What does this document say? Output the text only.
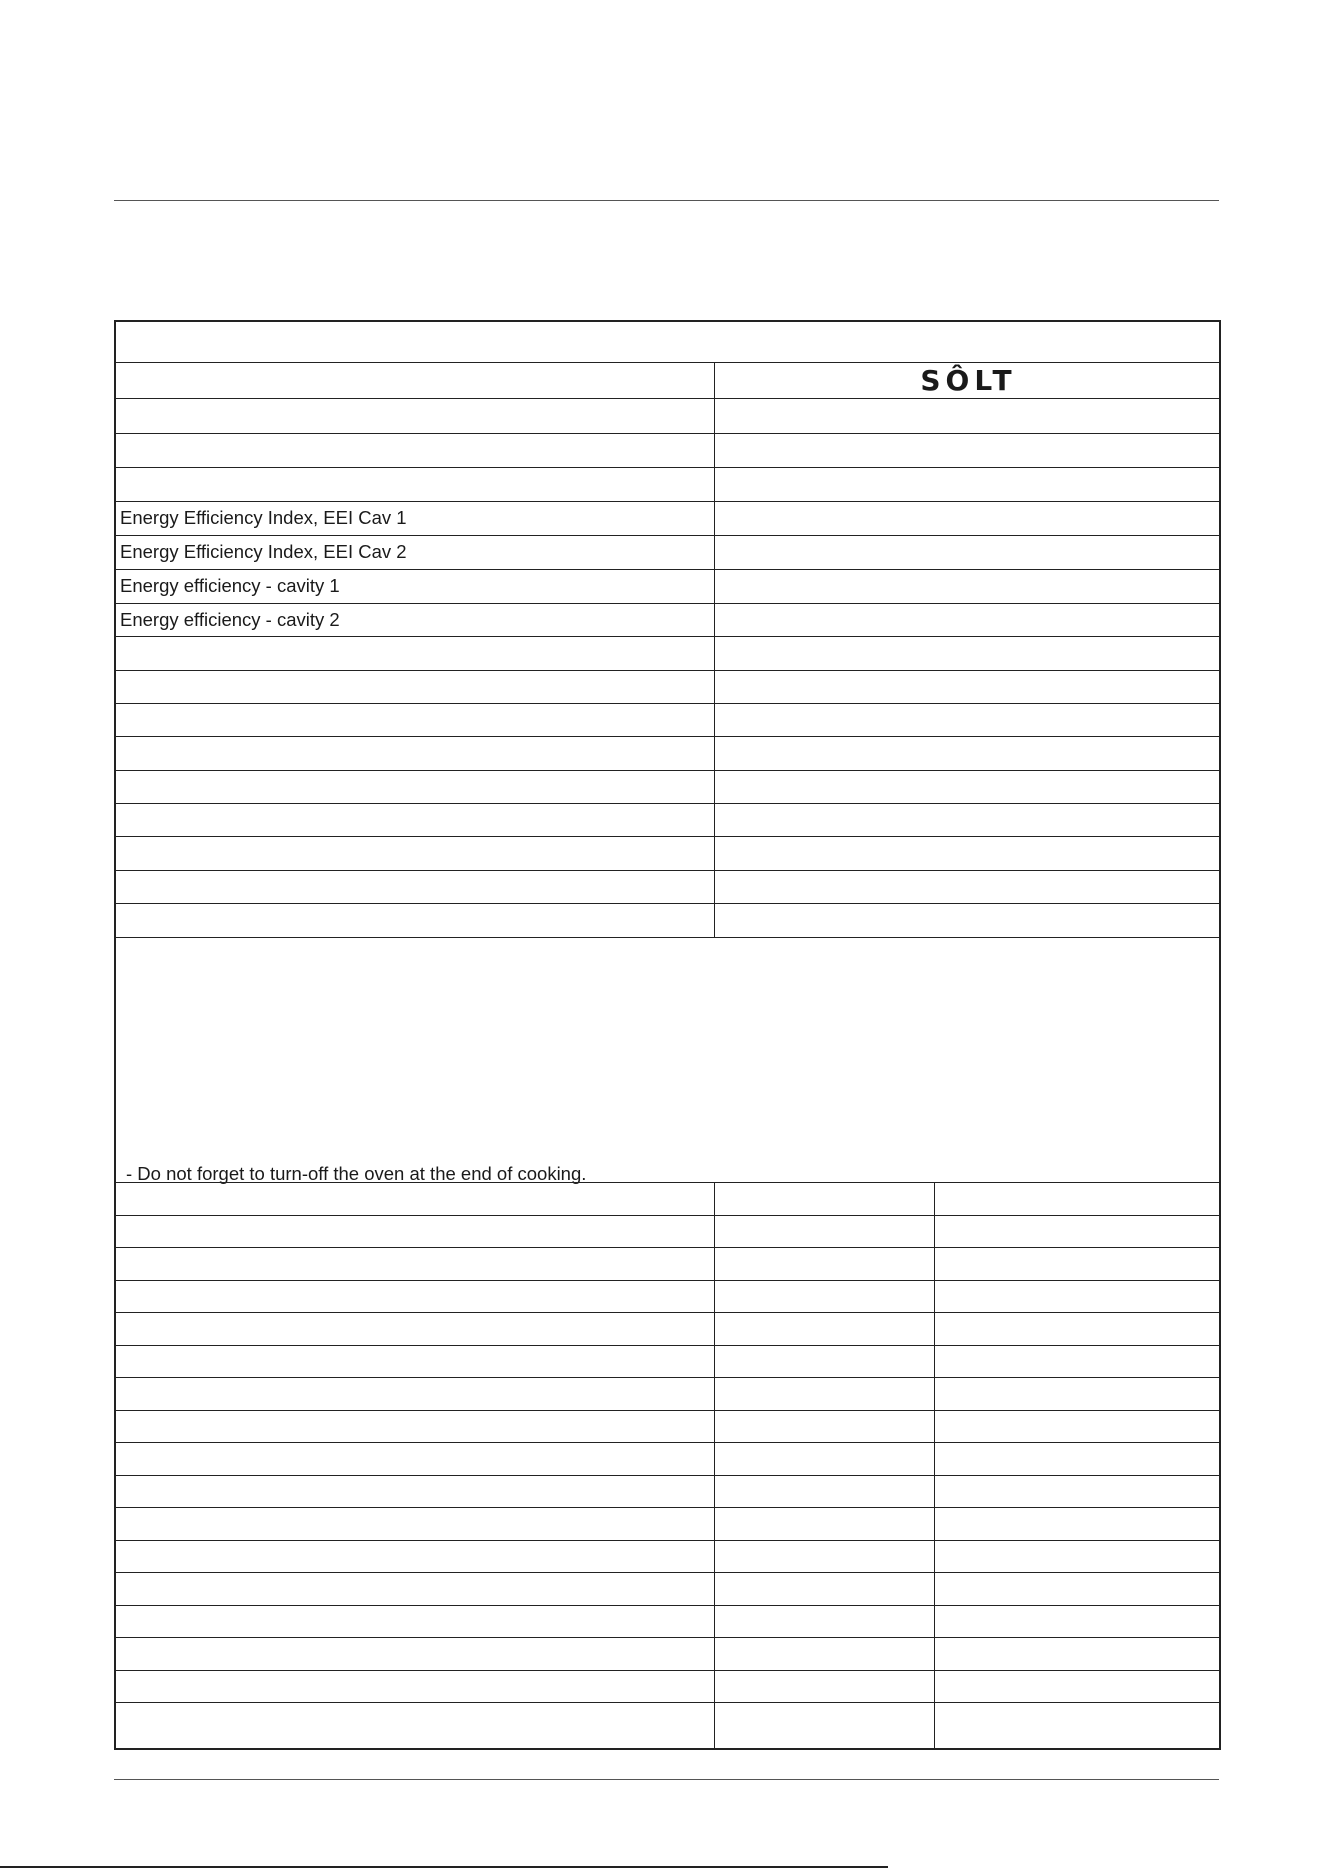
SÔLT
Energy Efficiency Index, EEI Cav 1
Energy Efficiency Index, EEI Cav 2
Energy efficiency - cavity 1
Energy efficiency - cavity 2
- Do not forget to turn-off the oven at the end of cooking.
